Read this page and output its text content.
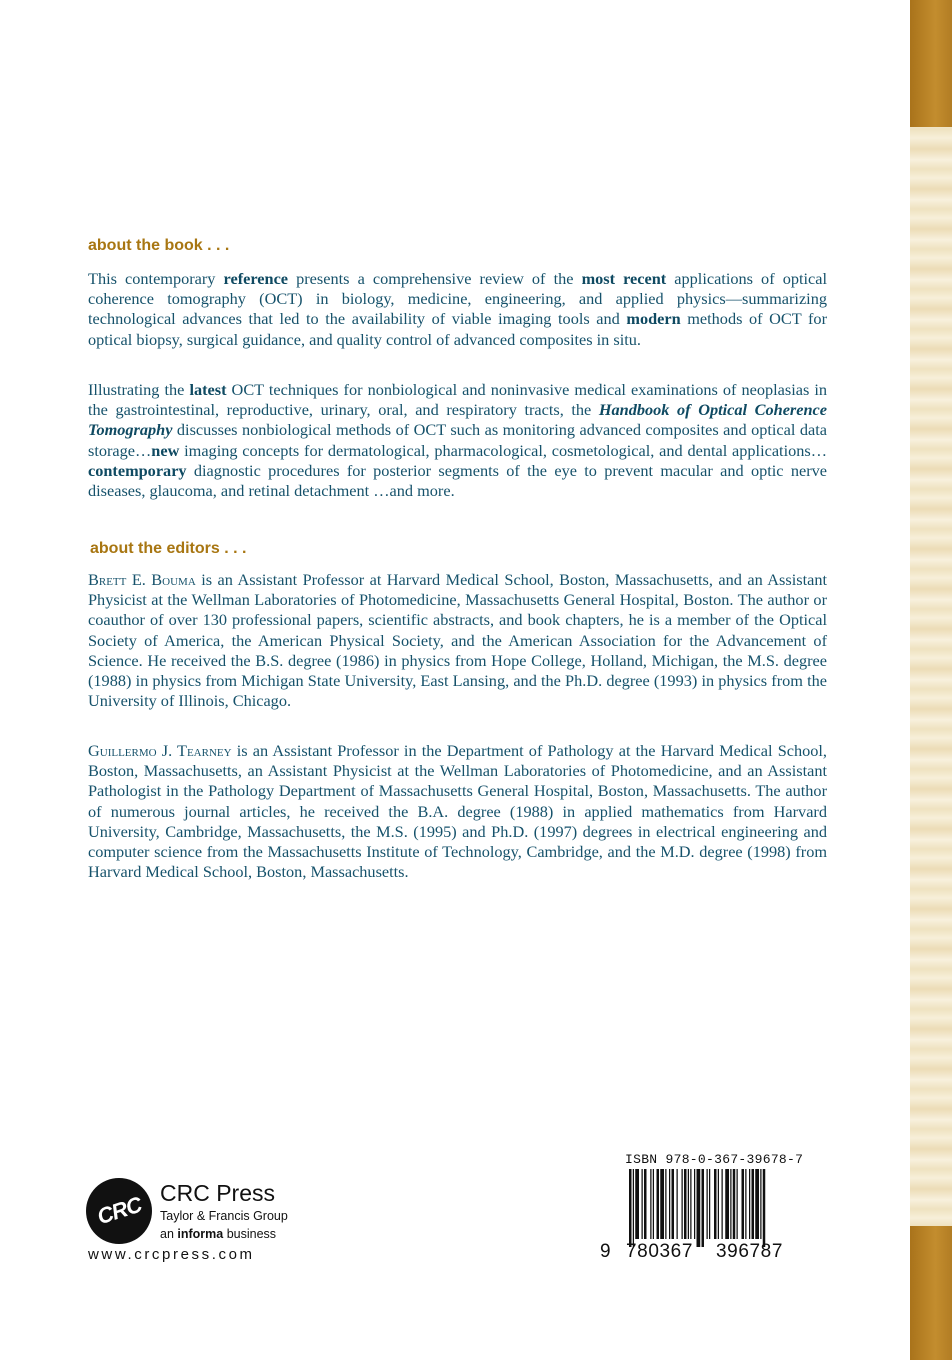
about the book . . .

This contemporary reference presents a comprehensive review of the most recent applications of optical coherence tomography (OCT) in biology, medicine, engineering, and applied physics—summarizing technological advances that led to the availability of viable imaging tools and modern methods of OCT for optical biopsy, surgical guidance, and quality control of advanced composites in situ.

Illustrating the latest OCT techniques for nonbiological and noninvasive medical examinations of neoplasias in the gastrointestinal, reproductive, urinary, oral, and respiratory tracts, the Handbook of Optical Coherence Tomography discusses nonbiological methods of OCT such as monitoring advanced composites and optical data storage…new imaging concepts for dermatological, pharmacological, cosmetological, and dental applications…contemporary diagnostic procedures for posterior segments of the eye to prevent macular and optic nerve diseases, glaucoma, and retinal detachment …and more.

about the editors . . .

Brett E. Bouma is an Assistant Professor at Harvard Medical School, Boston, Massachusetts, and an Assistant Physicist at the Wellman Laboratories of Photomedicine, Massachusetts General Hospital, Boston. The author or coauthor of over 130 professional papers, scientific abstracts, and book chapters, he is a member of the Optical Society of America, the American Physical Society, and the American Association for the Advancement of Science. He received the B.S. degree (1986) in physics from Hope College, Holland, Michigan, the M.S. degree (1988) in physics from Michigan State University, East Lansing, and the Ph.D. degree (1993) in physics from the University of Illinois, Chicago.

Guillermo J. Tearney is an Assistant Professor in the Department of Pathology at the Harvard Medical School, Boston, Massachusetts, an Assistant Physicist at the Wellman Laboratories of Photomedicine, and an Assistant Pathologist in the Pathology Department of Massachusetts General Hospital, Boston, Massachusetts. The author of numerous journal articles, he received the B.A. degree (1988) in applied mathematics from Harvard University, Cambridge, Massachusetts, the M.S. (1995) and Ph.D. (1997) degrees in electrical engineering and computer science from the Massachusetts Institute of Technology, Cambridge, and the M.D. degree (1998) from Harvard Medical School, Boston, Massachusetts.

CRC CRC Press

Taylor & Francis Group

an informa business

www.crcpress.com

ISBN 978-0-367-39678-7

9 780367 396787
